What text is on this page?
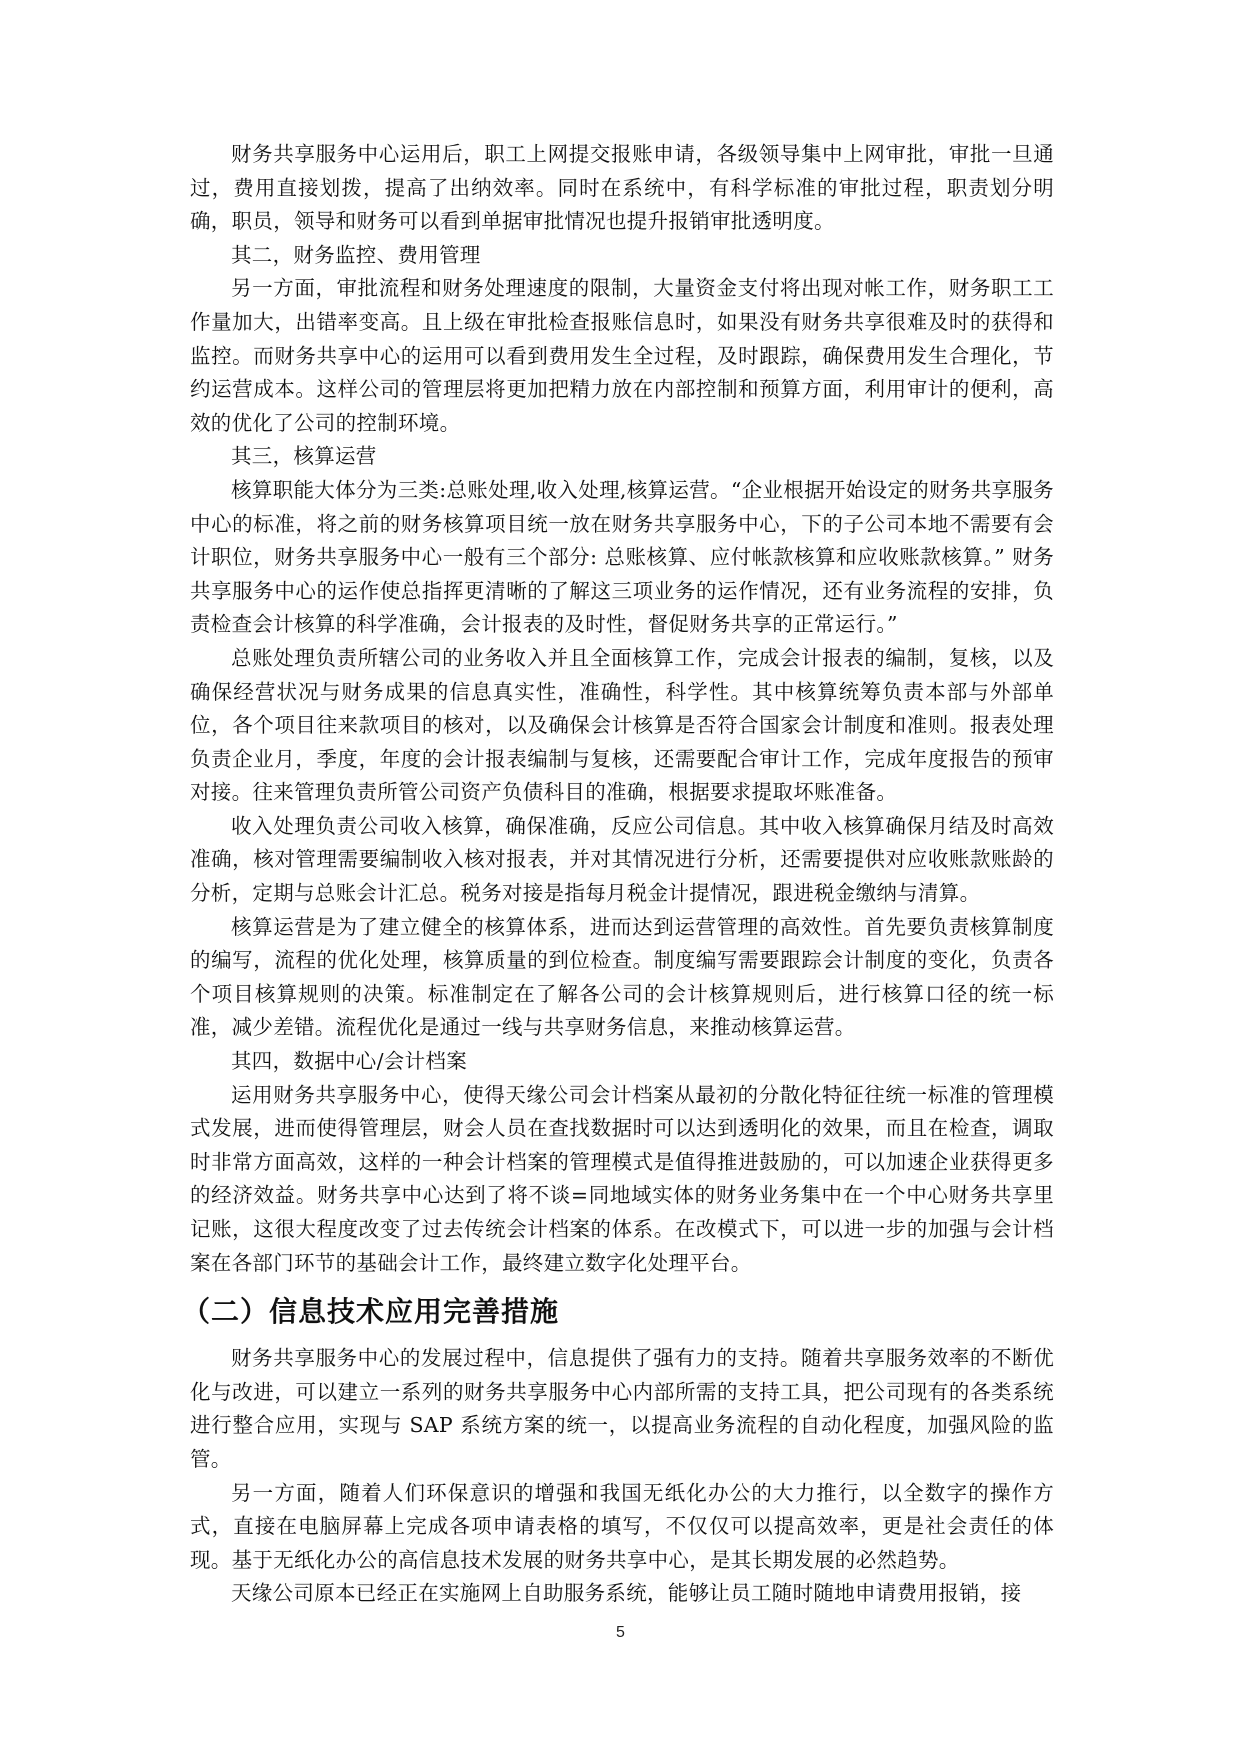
财务共享服务中心运用后，职工上网提交报账申请，各级领导集中上网审批，审批一旦通过，费用直接划拨，提高了出纳效率。同时在系统中，有科学标准的审批过程，职责划分明确，职员，领导和财务可以看到单据审批情况也提升报销审批透明度。

其二，财务监控、费用管理

另一方面，审批流程和财务处理速度的限制，大量资金支付将出现对帐工作，财务职工工作量加大，出错率变高。且上级在审批检查报账信息时，如果没有财务共享很难及时的获得和监控。而财务共享中心的运用可以看到费用发生全过程，及时跟踪，确保费用发生合理化，节约运营成本。这样公司的管理层将更加把精力放在内部控制和预算方面，利用审计的便利，高效的优化了公司的控制环境。

其三，核算运营

核算职能大体分为三类:总账处理,收入处理,核算运营。“企业根据开始设定的财务共享服务中心的标准，将之前的财务核算项目统一放在财务共享服务中心，下的子公司本地不需要有会计职位，财务共享服务中心一般有三个部分: 总账核算、应付帐款核算和应收账款核算。” 财务共享服务中心的运作使总指挥更清晰的了解这三项业务的运作情况，还有业务流程的安排，负责检查会计核算的科学准确，会计报表的及时性，督促财务共享的正常运行。”

总账处理负责所辖公司的业务收入并且全面核算工作，完成会计报表的编制，复核，以及确保经营状况与财务成果的信息真实性，准确性，科学性。其中核算统筹负责本部与外部单位，各个项目往来款项目的核对，以及确保会计核算是否符合国家会计制度和准则。报表处理负责企业月，季度，年度的会计报表编制与复核，还需要配合审计工作，完成年度报告的预审对接。往来管理负责所管公司资产负债科目的准确，根据要求提取坏账准备。

收入处理负责公司收入核算，确保准确，反应公司信息。其中收入核算确保月结及时高效准确，核对管理需要编制收入核对报表，并对其情况进行分析，还需要提供对应收账款账龄的分析，定期与总账会计汇总。税务对接是指每月税金计提情况，跟进税金缴纳与清算。

核算运营是为了建立健全的核算体系，进而达到运营管理的高效性。首先要负责核算制度的编写，流程的优化处理，核算质量的到位检查。制度编写需要跟踪会计制度的变化，负责各个项目核算规则的决策。标准制定在了解各公司的会计核算规则后，进行核算口径的统一标准，减少差错。流程优化是通过一线与共享财务信息，来推动核算运营。

其四，数据中心/会计档案

运用财务共享服务中心，使得天缘公司会计档案从最初的分散化特征往统一标准的管理模式发展，进而使得管理层，财会人员在查找数据时可以达到透明化的效果，而且在检查，调取时非常方面高效，这样的一种会计档案的管理模式是值得推进鼓励的，可以加速企业获得更多的经济效益。财务共享中心达到了将不谈=同地域实体的财务业务集中在一个中心财务共享里记账，这很大程度改变了过去传统会计档案的体系。在改模式下，可以进一步的加强与会计档案在各部门环节的基础会计工作，最终建立数字化处理平台。

（二）信息技术应用完善措施

财务共享服务中心的发展过程中，信息提供了强有力的支持。随着共享服务效率的不断优化与改进，可以建立一系列的财务共享服务中心内部所需的支持工具，把公司现有的各类系统进行整合应用，实现与 SAP 系统方案的统一，以提高业务流程的自动化程度，加强风险的监管。

另一方面，随着人们环保意识的增强和我国无纸化办公的大力推行，以全数字的操作方式，直接在电脑屏幕上完成各项申请表格的填写，不仅仅可以提高效率，更是社会责任的体现。基于无纸化办公的高信息技术发展的财务共享中心，是其长期发展的必然趋势。

天缘公司原本已经正在实施网上自助服务系统，能够让员工随时随地申请费用报销，接

5
